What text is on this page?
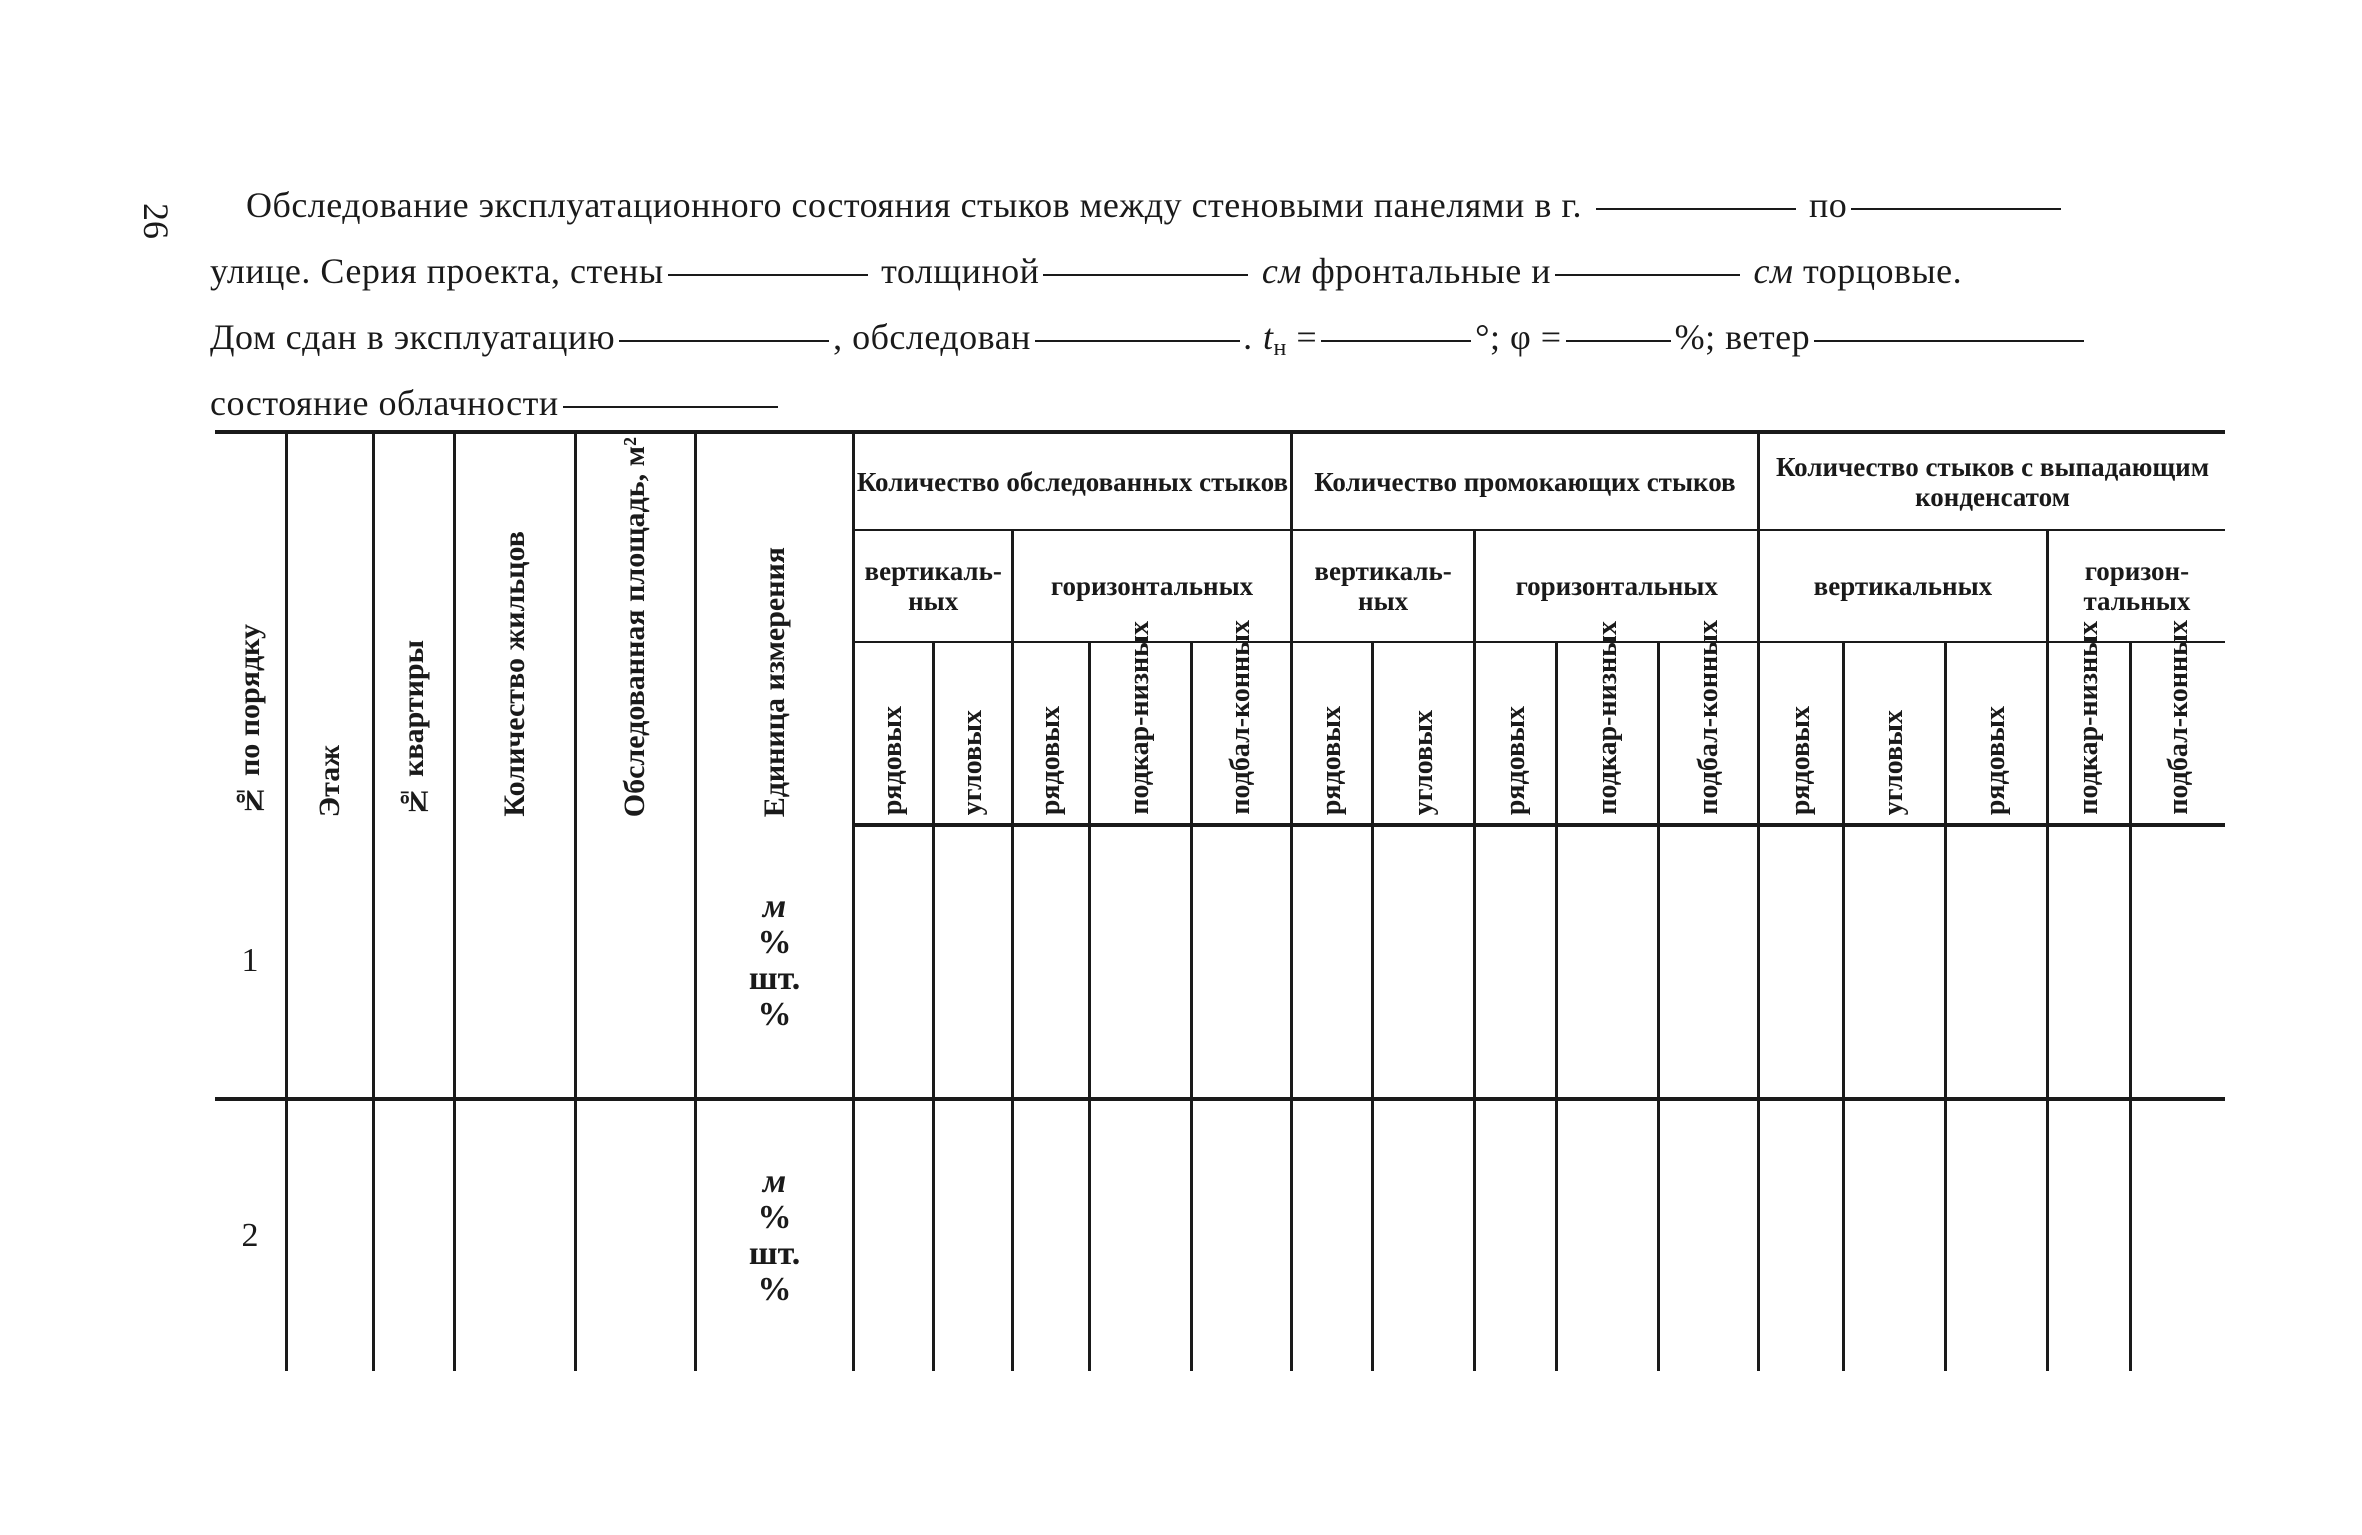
26	Обследование эксплуатационного состояния стыков между стеновыми панелями в г.	по
улице. Серия проекта, стены	толщиной	см фронтальные и	см торцовые.
Дом сдан в эксплуатацию	, обследован	. $t_н$ =	°; φ =	%; ветер
состояние облачности
№ по порядку	Этаж	№ квартиры	Количество жильцов	Обследованная площадь, м²	Единица измерения	Количество обследованных стыков					Количество промокающих стыков					Количество стыков с выпадающим конденсатом				
						вертикаль-ных		горизонтальных			вертикаль-ных		горизонтальных			вертикальных			горизон-тальных	

						рядовых	угловых	рядовых	подкар-низных	подбал-конных	рядовых	угловых	рядовых	подкар-низных	подбал-конных	рядовых	угловых	рядовых	подкар-низных	подбал-конных

1					м
%
шт.
%															

2					м
%
шт.
%															
